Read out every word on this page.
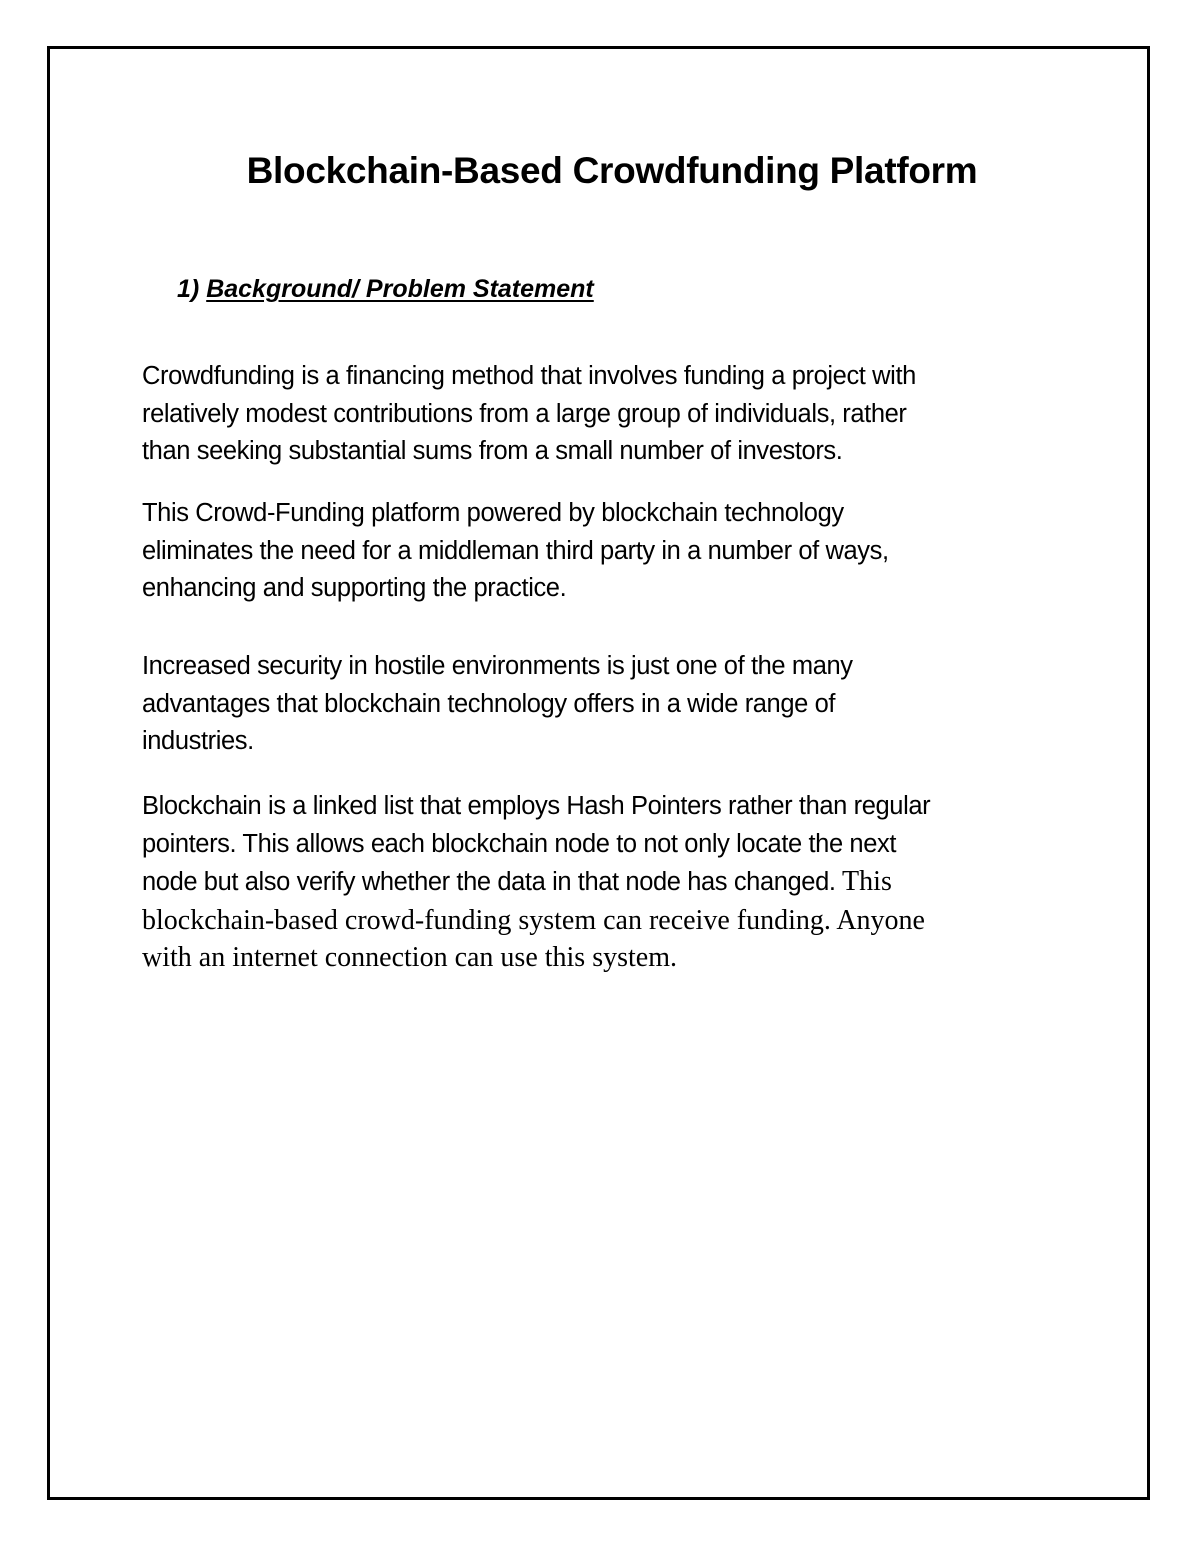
Blockchain-Based Crowdfunding Platform
1) Background/ Problem Statement
Crowdfunding is a financing method that involves funding a project with
relatively modest contributions from a large group of individuals, rather
than seeking substantial sums from a small number of investors.
This Crowd-Funding platform powered by blockchain technology
eliminates the need for a middleman third party in a number of ways,
enhancing and supporting the practice.
Increased security in hostile environments is just one of the many
advantages that blockchain technology offers in a wide range of
industries.
Blockchain is a linked list that employs Hash Pointers rather than regular
pointers. This allows each blockchain node to not only locate the next
node but also verify whether the data in that node has changed. This
blockchain-based crowd-funding system can receive funding. Anyone
with an internet connection can use this system.
